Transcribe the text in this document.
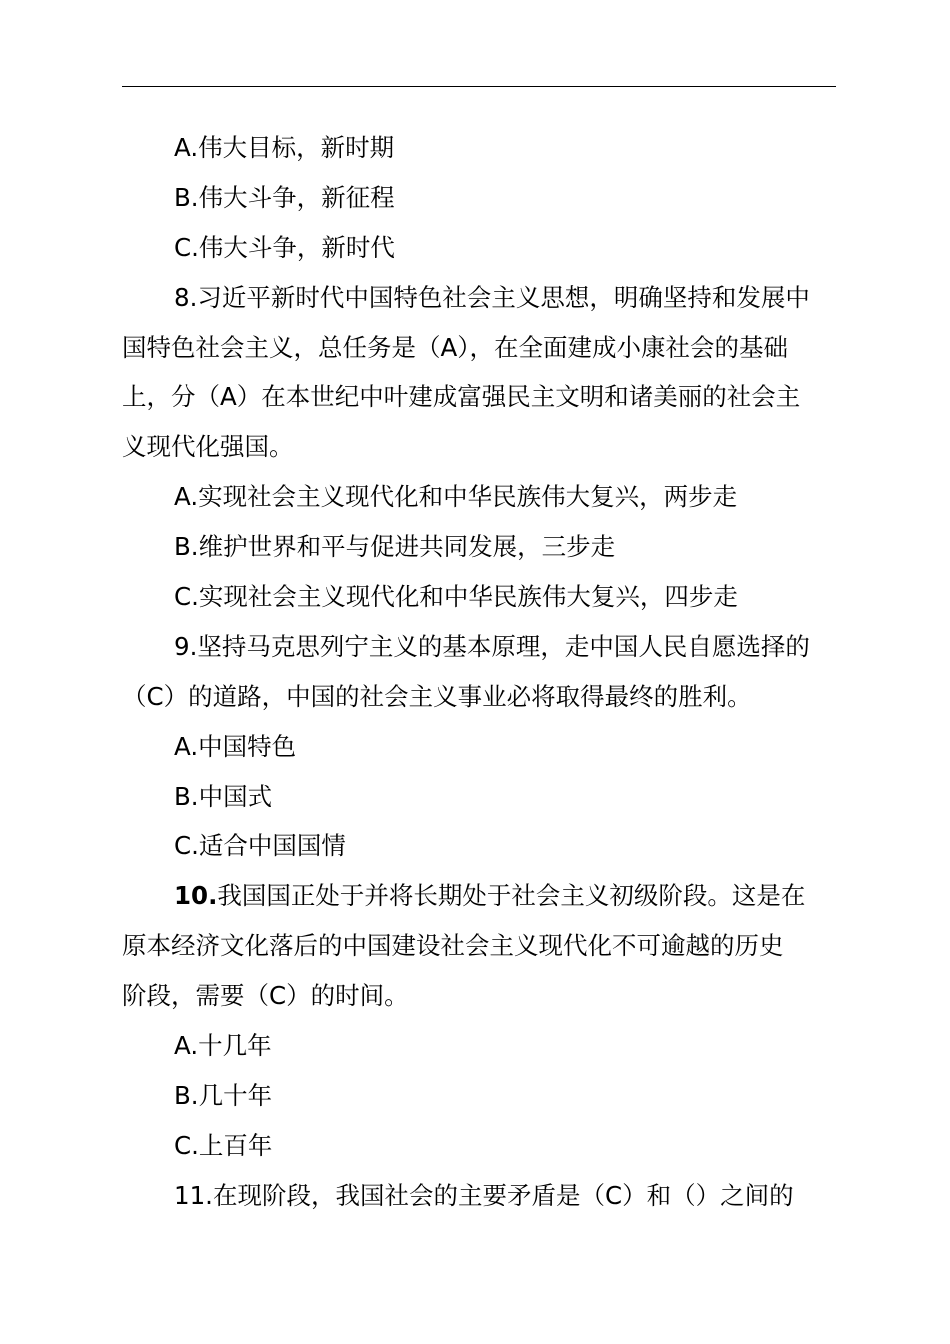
A.伟大目标，新时期
B.伟大斗争，新征程
C.伟大斗争，新时代
8.习近平新时代中国特色社会主义思想，明确坚持和发展中
国特色社会主义，总任务是（A），在全面建成小康社会的基础
上，分（A）在本世纪中叶建成富强民主文明和诸美丽的社会主
义现代化强国。
A.实现社会主义现代化和中华民族伟大复兴，两步走
B.维护世界和平与促进共同发展，三步走
C.实现社会主义现代化和中华民族伟大复兴，四步走
9.坚持马克思列宁主义的基本原理，走中国人民自愿选择的
（C）的道路，中国的社会主义事业必将取得最终的胜利。
A.中国特色
B.中国式
C.适合中国国情
10.我国国正处于并将长期处于社会主义初级阶段。这是在
原本经济文化落后的中国建设社会主义现代化不可逾越的历史
阶段，需要（C）的时间。
A.十几年
B.几十年
C.上百年
11.在现阶段，我国社会的主要矛盾是（C）和（）之间的
